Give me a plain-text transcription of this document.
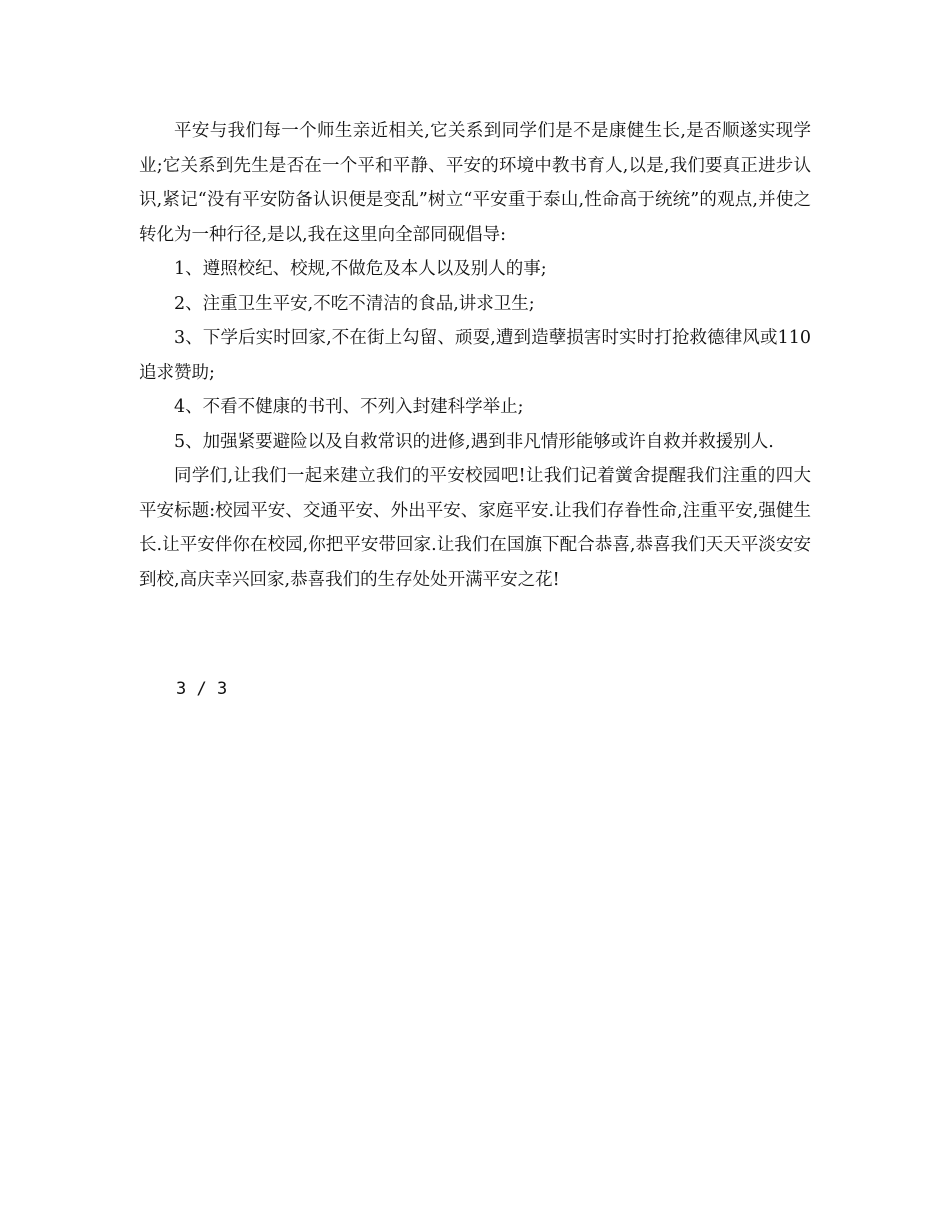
平安与我们每一个师生亲近相关,它关系到同学们是不是康健生长,是否顺遂实现学业;它关系到先生是否在一个平和平静、平安的环境中教书育人,以是,我们要真正进步认识,紧记“没有平安防备认识便是变乱”树立“平安重于泰山,性命高于统统”的观点,并使之转化为一种行径,是以,我在这里向全部同砚倡导:

1、遵照校纪、校规,不做危及本人以及别人的事;

2、注重卫生平安,不吃不清洁的食品,讲求卫生;

3、下学后实时回家,不在街上勾留、顽耍,遭到造孽损害时实时打抢救德律风或110追求赞助;

4、不看不健康的书刊、不列入封建科学举止;

5、加强紧要避险以及自救常识的进修,遇到非凡情形能够或许自救并救援别人.

同学们,让我们一起来建立我们的平安校园吧!让我们记着黉舍提醒我们注重的四大平安标题:校园平安、交通平安、外出平安、家庭平安.让我们存眷性命,注重平安,强健生长.让平安伴你在校园,你把平安带回家.让我们在国旗下配合恭喜,恭喜我们天天平淡安安到校,高庆幸兴回家,恭喜我们的生存处处开满平安之花!

3 / 3
